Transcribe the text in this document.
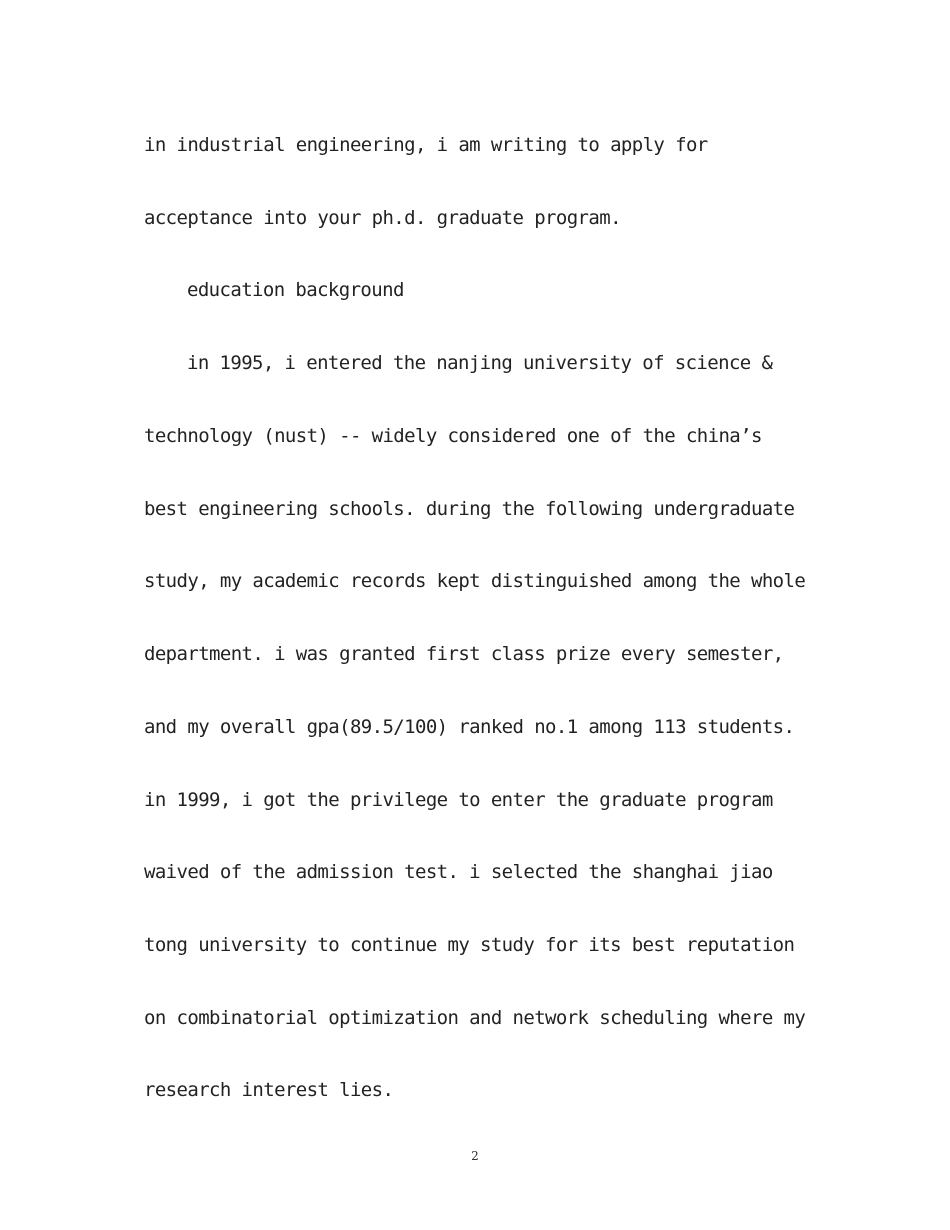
in industrial engineering, i am writing to apply for
acceptance into your ph.d. graduate program.
education background
in 1995, i entered the nanjing university of science &
technology (nust) -- widely considered one of the china’s
best engineering schools. during the following undergraduate
study, my academic records kept distinguished among the whole
department. i was granted first class prize every semester,
and my overall gpa(89.5/100) ranked no.1 among 113 students.
in 1999, i got the privilege to enter the graduate program
waived of the admission test. i selected the shanghai jiao
tong university to continue my study for its best reputation
on combinatorial optimization and network scheduling where my
research interest lies.
2
